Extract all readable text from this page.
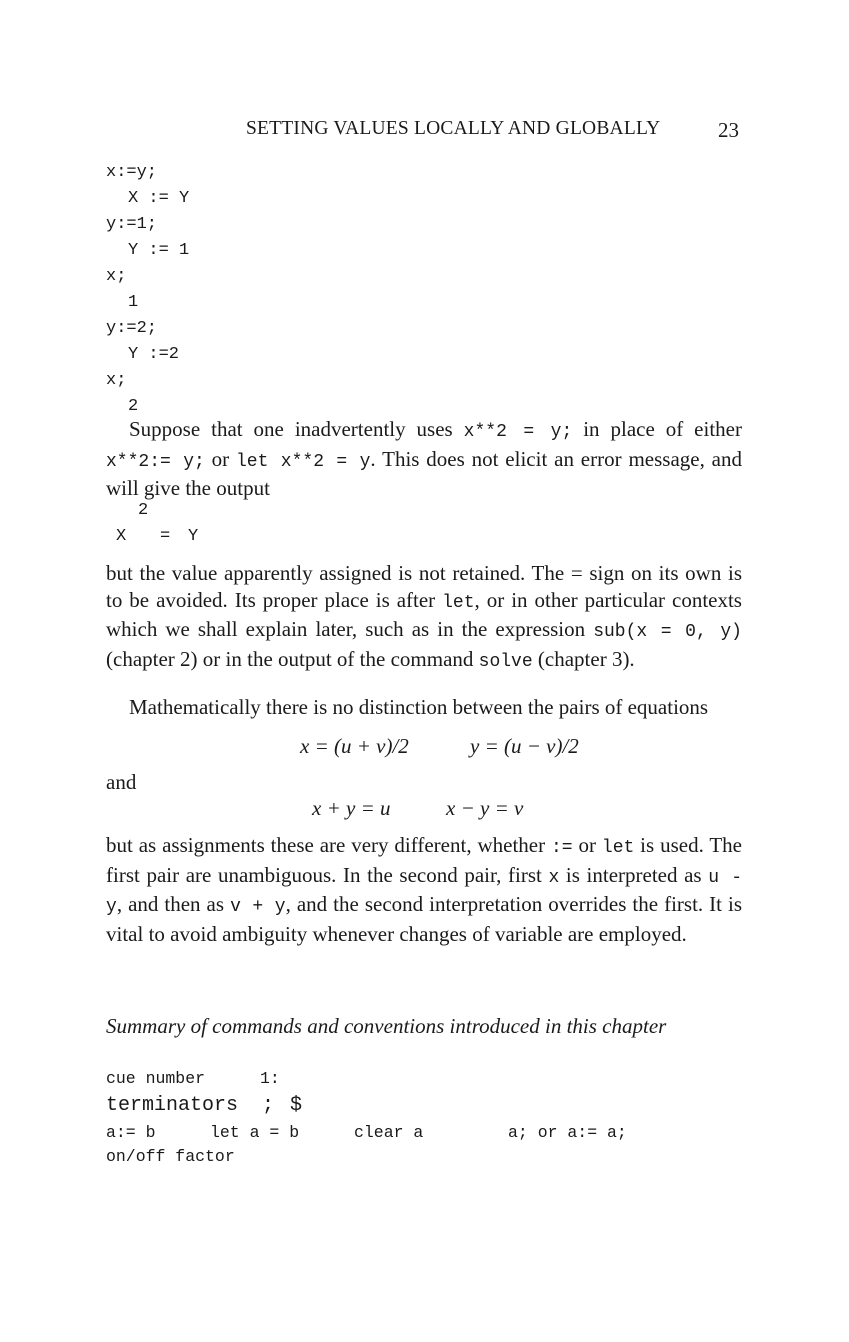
SETTING VALUES LOCALLY AND GLOBALLY	23
x:=y;
X := Y
y:=1;
Y := 1
x;
1
y:=2;
Y :=2
x;
2
Suppose that one inadvertently uses x**2 = y; in place of either x**2:= y; or let x**2 = y. This does not elicit an error message, and will give the output
2
X = Y
but the value apparently assigned is not retained. The = sign on its own is to be avoided. Its proper place is after let, or in other particular contexts which we shall explain later, such as in the expression sub(x = 0, y) (chapter 2) or in the output of the command solve (chapter 3).
Mathematically there is no distinction between the pairs of equations
x = (u + v)/2	y = (u − v)/2
and
x + y = u	x − y = v
but as assignments these are very different, whether := or let is used. The first pair are unambiguous. In the second pair, first x is interpreted as u - y, and then as v + y, and the second interpretation overrides the first. It is vital to avoid ambiguity whenever changes of variable are employed.
Summary of commands and conventions introduced in this chapter
cue number	1:
terminators ; $
a:= b	let a = b	clear a	a; or a:= a;
on/off factor
